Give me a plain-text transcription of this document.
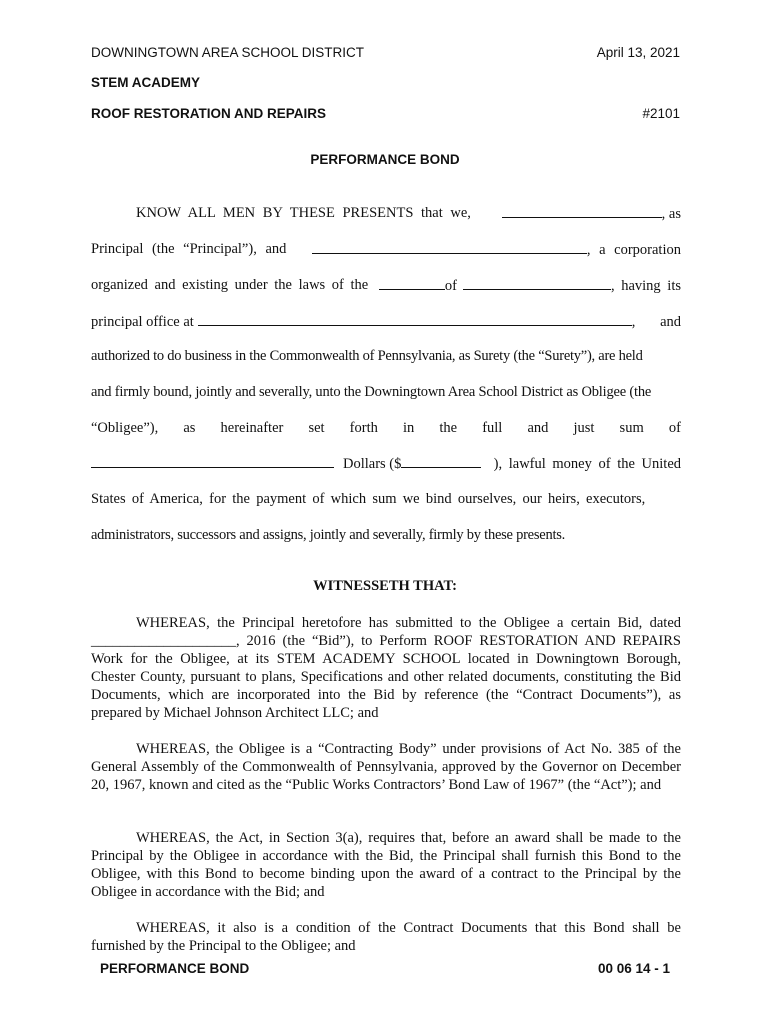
DOWNINGTOWN AREA SCHOOL DISTRICT	April 13, 2021
STEM ACADEMY
ROOF RESTORATION AND REPAIRS	#2101
PERFORMANCE BOND
KNOW ALL MEN BY THESE PRESENTS that we,	, as
Principal (the “Principal”), and	, a corporation
organized and existing under the laws of the	of	, having its
principal office at	, and
authorized to do business in the Commonwealth of Pennsylvania, as Surety (the “Surety”), are held
and firmly bound, jointly and severally, unto the Downingtown Area School District as Obligee (the
“Obligee”), as hereinafter set forth in the full and just sum of
Dollars ($	), lawful money of the United
States of America, for the payment of which sum we bind ourselves, our heirs, executors,
administrators, successors and assigns, jointly and severally, firmly by these presents.
WITNESSETH THAT:

WHEREAS, the Principal heretofore has submitted to the Obligee a certain Bid, dated ____________________, 2016 (the “Bid”), to Perform ROOF RESTORATION AND REPAIRS Work for the Obligee, at its STEM ACADEMY SCHOOL located in Downingtown Borough, Chester County, pursuant to plans, Specifications and other related documents, constituting the Bid Documents, which are incorporated into the Bid by reference (the “Contract Documents”), as prepared by Michael Johnson Architect LLC; and

WHEREAS, the Obligee is a “Contracting Body” under provisions of Act No. 385 of the General Assembly of the Commonwealth of Pennsylvania, approved by the Governor on December 20, 1967, known and cited as the “Public Works Contractors’ Bond Law of 1967” (the “Act”); and

WHEREAS, the Act, in Section 3(a), requires that, before an award shall be made to the Principal by the Obligee in accordance with the Bid, the Principal shall furnish this Bond to the Obligee, with this Bond to become binding upon the award of a contract to the Principal by the Obligee in accordance with the Bid; and

WHEREAS, it also is a condition of the Contract Documents that this Bond shall be furnished by the Principal to the Obligee; and

PERFORMANCE BOND	00 06 14 - 1
